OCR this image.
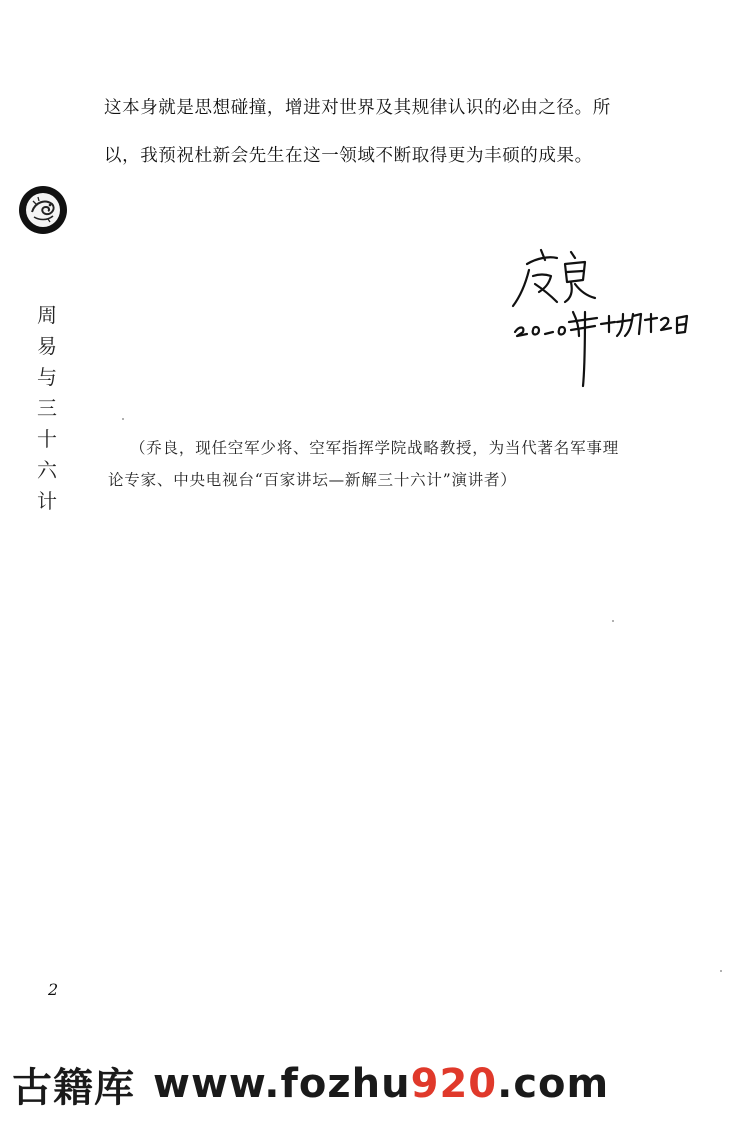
这本身就是思想碰撞，增进对世界及其规律认识的必由之径。所
以，我预祝杜新会先生在这一领域不断取得更为丰硕的成果。
周
易
与
三
十
六
计
（乔良，现任空军少将、空军指挥学院战略教授，为当代著名军事理
论专家、中央电视台“百家讲坛—新解三十六计”演讲者）
2
古籍库 www.fozhu920.com
